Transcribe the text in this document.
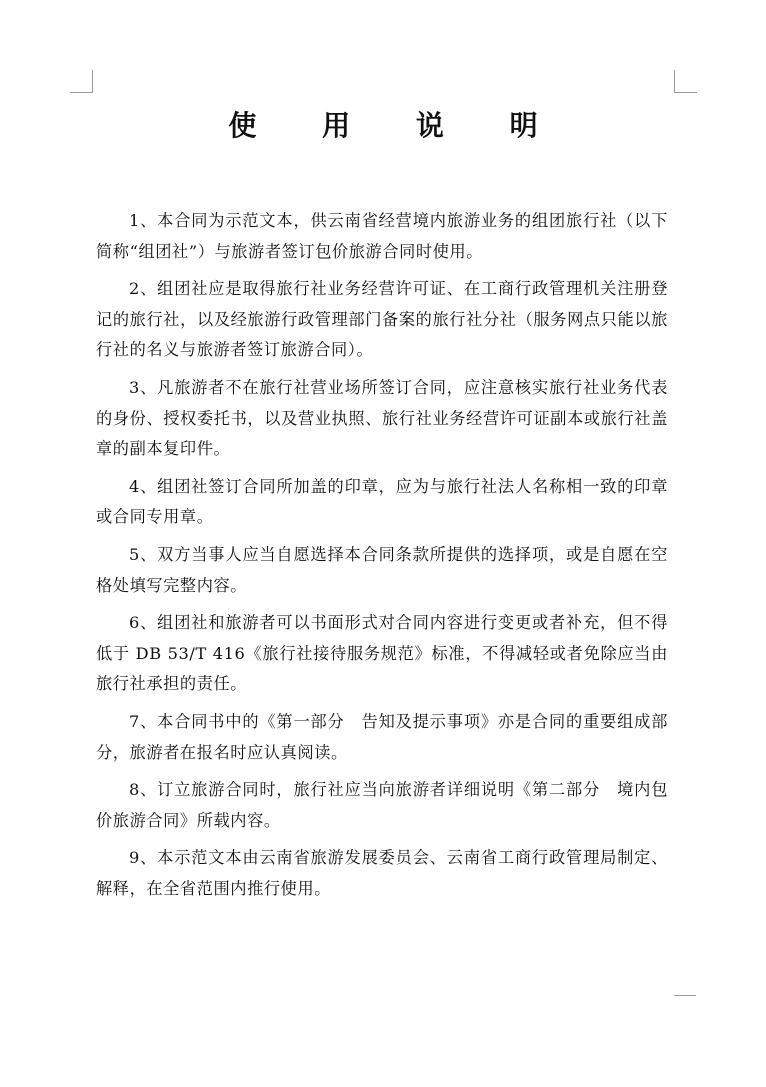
使 用 说 明

1、本合同为示范文本，供云南省经营境内旅游业务的组团旅行社（以下简称“组团社”）与旅游者签订包价旅游合同时使用。

2、组团社应是取得旅行社业务经营许可证、在工商行政管理机关注册登记的旅行社，以及经旅游行政管理部门备案的旅行社分社（服务网点只能以旅行社的名义与旅游者签订旅游合同）。

3、凡旅游者不在旅行社营业场所签订合同，应注意核实旅行社业务代表的身份、授权委托书，以及营业执照、旅行社业务经营许可证副本或旅行社盖章的副本复印件。

4、组团社签订合同所加盖的印章，应为与旅行社法人名称相一致的印章或合同专用章。

5、双方当事人应当自愿选择本合同条款所提供的选择项，或是自愿在空格处填写完整内容。

6、组团社和旅游者可以书面形式对合同内容进行变更或者补充，但不得低于 DB 53/T 416《旅行社接待服务规范》标准，不得减轻或者免除应当由旅行社承担的责任。

7、本合同书中的《第一部分　告知及提示事项》亦是合同的重要组成部分，旅游者在报名时应认真阅读。

8、订立旅游合同时，旅行社应当向旅游者详细说明《第二部分　境内包价旅游合同》所载内容。

9、本示范文本由云南省旅游发展委员会、云南省工商行政管理局制定、解释，在全省范围内推行使用。
